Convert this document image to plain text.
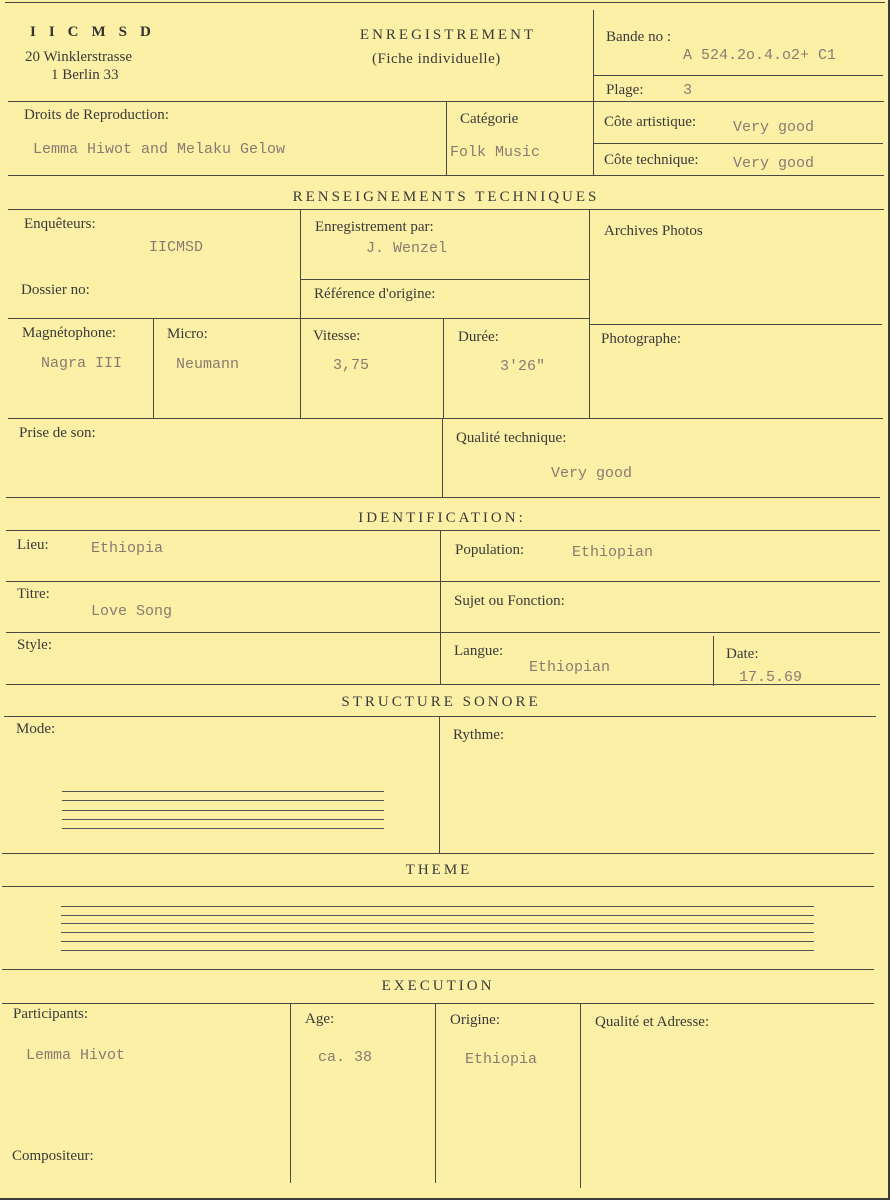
IICMSD
20 Winklerstrasse
1 Berlin 33
ENREGISTREMENT
(Fiche individuelle)
Bande no :
A 524.2o.4.o2+ C1
Plage:	3
Droits de Reproduction:
Lemma Hiwot and Melaku Gelow
Catégorie
Folk Music
Côte artistique: Very good
Côte technique: Very good
RENSEIGNEMENTS TECHNIQUES
Enquêteurs:
IICMSD
Enregistrement par:
J. Wenzel
Archives Photos
Dossier no:	Référence d'origine:
Magnétophone:
Nagra III
Micro:
Neumann
Vitesse:
3,75
Durée:
3'26"
Photographe:
Prise de son:	Qualité technique:
Very good
IDENTIFICATION:
Lieu:	Ethiopia	Population:	Ethiopian
Titre:
Love Song
Sujet ou Fonction:
Style:	Langue:
Ethiopian
Date:
17.5.69
STRUCTURE SONORE
Mode:	Rythme:
THEME
EXECUTION
Participants:
Lemma Hivot
Age:
ca. 38
Origine:
Ethiopia
Qualité et Adresse:
Compositeur:
